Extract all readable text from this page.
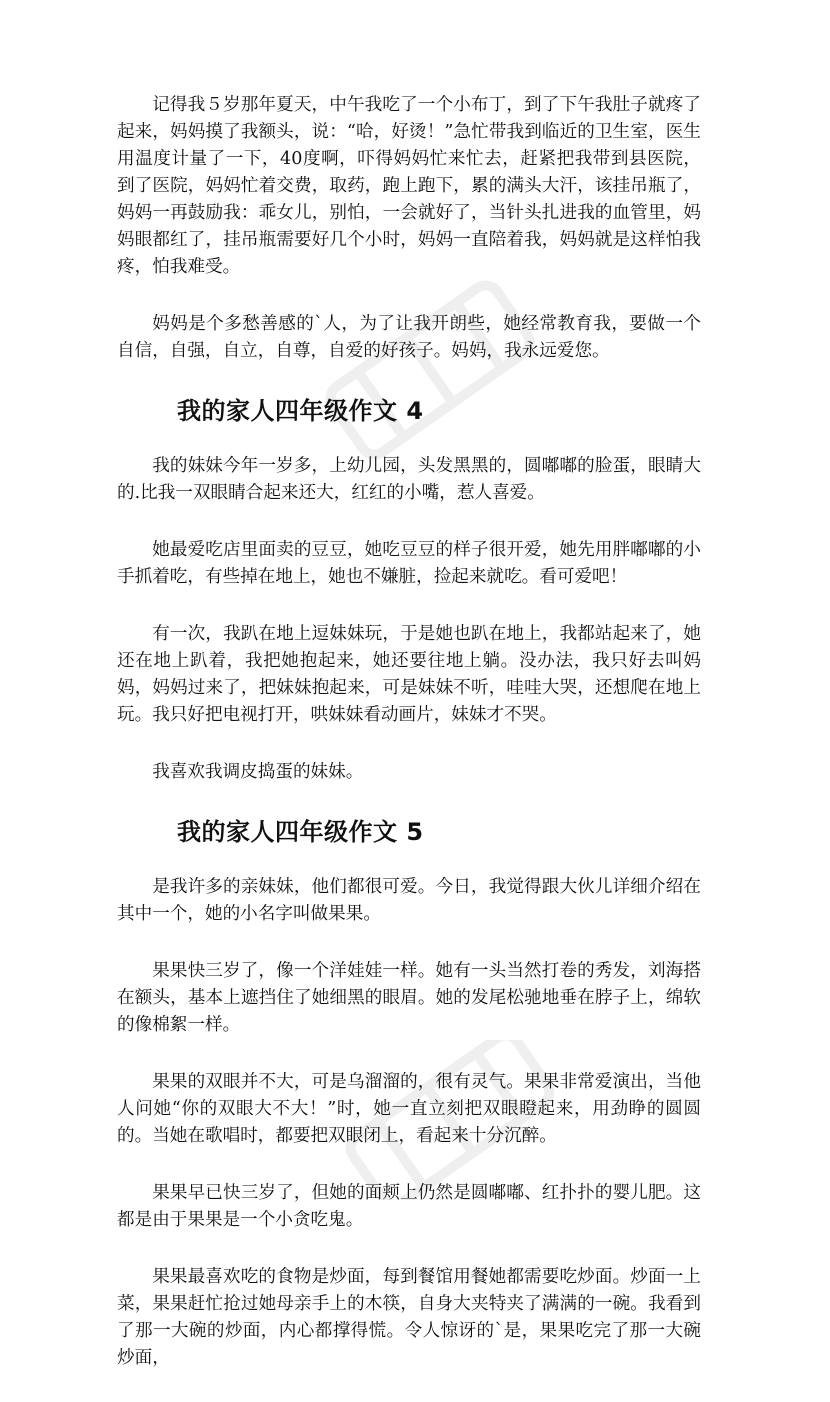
记得我５岁那年夏天，中午我吃了一个小布丁，到了下午我肚子就疼了起来，妈妈摸了我额头，说：“哈，好烫！”急忙带我到临近的卫生室，医生用温度计量了一下，40度啊，吓得妈妈忙来忙去，赶紧把我带到县医院，到了医院，妈妈忙着交费，取药，跑上跑下，累的满头大汗，该挂吊瓶了，妈妈一再鼓励我：乖女儿，别怕，一会就好了，当针头扎进我的血管里，妈妈眼都红了，挂吊瓶需要好几个小时，妈妈一直陪着我，妈妈就是这样怕我疼，怕我难受。

妈妈是个多愁善感的`人，为了让我开朗些，她经常教育我，要做一个自信，自强，自立，自尊，自爱的好孩子。妈妈，我永远爱您。

我的家人四年级作文 4

我的妹妹今年一岁多，上幼儿园，头发黑黑的，圆嘟嘟的脸蛋，眼睛大的.比我一双眼睛合起来还大，红红的小嘴，惹人喜爱。

她最爱吃店里面卖的豆豆，她吃豆豆的样子很开爱，她先用胖嘟嘟的小手抓着吃，有些掉在地上，她也不嫌脏，捡起来就吃。看可爱吧！

有一次，我趴在地上逗妹妹玩，于是她也趴在地上，我都站起来了，她还在地上趴着，我把她抱起来，她还要往地上躺。没办法，我只好去叫妈妈，妈妈过来了，把妹妹抱起来，可是妹妹不听，哇哇大哭，还想爬在地上玩。我只好把电视打开，哄妹妹看动画片，妹妹才不哭。

我喜欢我调皮捣蛋的妹妹。

我的家人四年级作文 5

是我许多的亲妹妹，他们都很可爱。今日，我觉得跟大伙儿详细介绍在其中一个，她的小名字叫做果果。

果果快三岁了，像一个洋娃娃一样。她有一头当然打卷的秀发，刘海搭在额头，基本上遮挡住了她细黑的眼眉。她的发尾松驰地垂在脖子上，绵软的像棉絮一样。

果果的双眼并不大，可是乌溜溜的，很有灵气。果果非常爱演出，当他人问她“你的双眼大不大！”时，她一直立刻把双眼瞪起来，用劲睁的圆圆的。当她在歌唱时，都要把双眼闭上，看起来十分沉醉。

果果早已快三岁了，但她的面颊上仍然是圆嘟嘟、红扑扑的婴儿肥。这都是由于果果是一个小贪吃鬼。

果果最喜欢吃的食物是炒面，每到餐馆用餐她都需要吃炒面。炒面一上菜，果果赶忙抢过她母亲手上的木筷，自身大夹特夹了满满的一碗。我看到了那一大碗的炒面，内心都撑得慌。令人惊讶的`是，果果吃完了那一大碗炒面，
